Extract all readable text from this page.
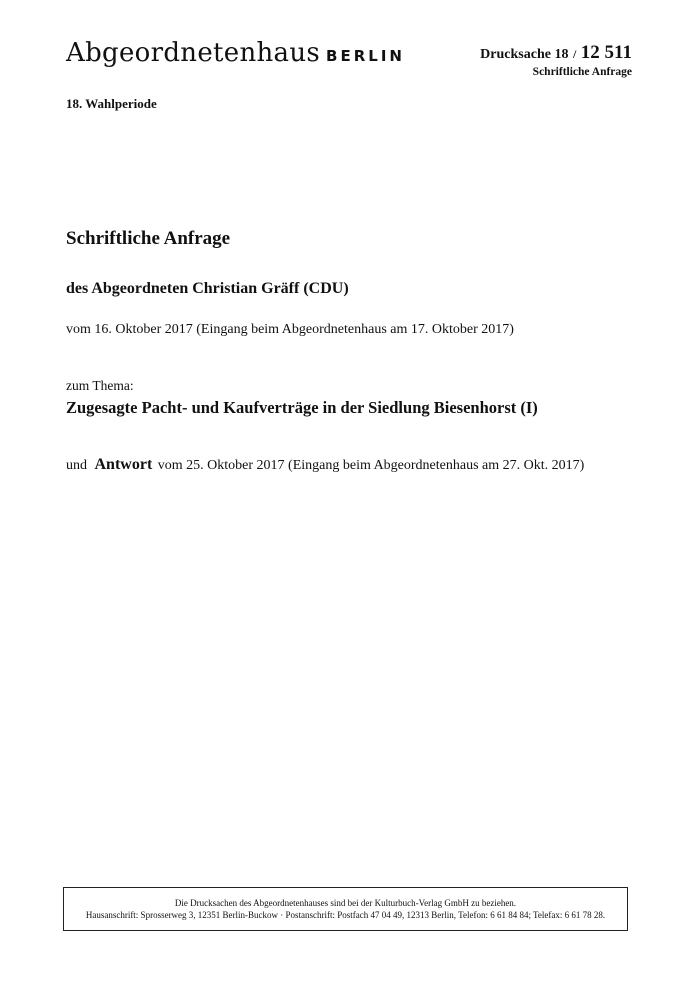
Abgeordnetenhaus BERLIN	Drucksache 18 / 12 511
Schriftliche Anfrage
18. Wahlperiode
Schriftliche Anfrage
des Abgeordneten Christian Gräff (CDU)
vom 16. Oktober 2017 (Eingang beim Abgeordnetenhaus am 17. Oktober 2017)
zum Thema:
Zugesagte Pacht- und Kaufverträge in der Siedlung Biesenhorst (I)
und Antwort vom 25. Oktober 2017 (Eingang beim Abgeordnetenhaus am 27. Okt. 2017)
Die Drucksachen des Abgeordnetenhauses sind bei der Kulturbuch-Verlag GmbH zu beziehen.
Hausanschrift: Sprosserweg 3, 12351 Berlin-Buckow · Postanschrift: Postfach 47 04 49, 12313 Berlin, Telefon: 6 61 84 84; Telefax: 6 61 78 28.
